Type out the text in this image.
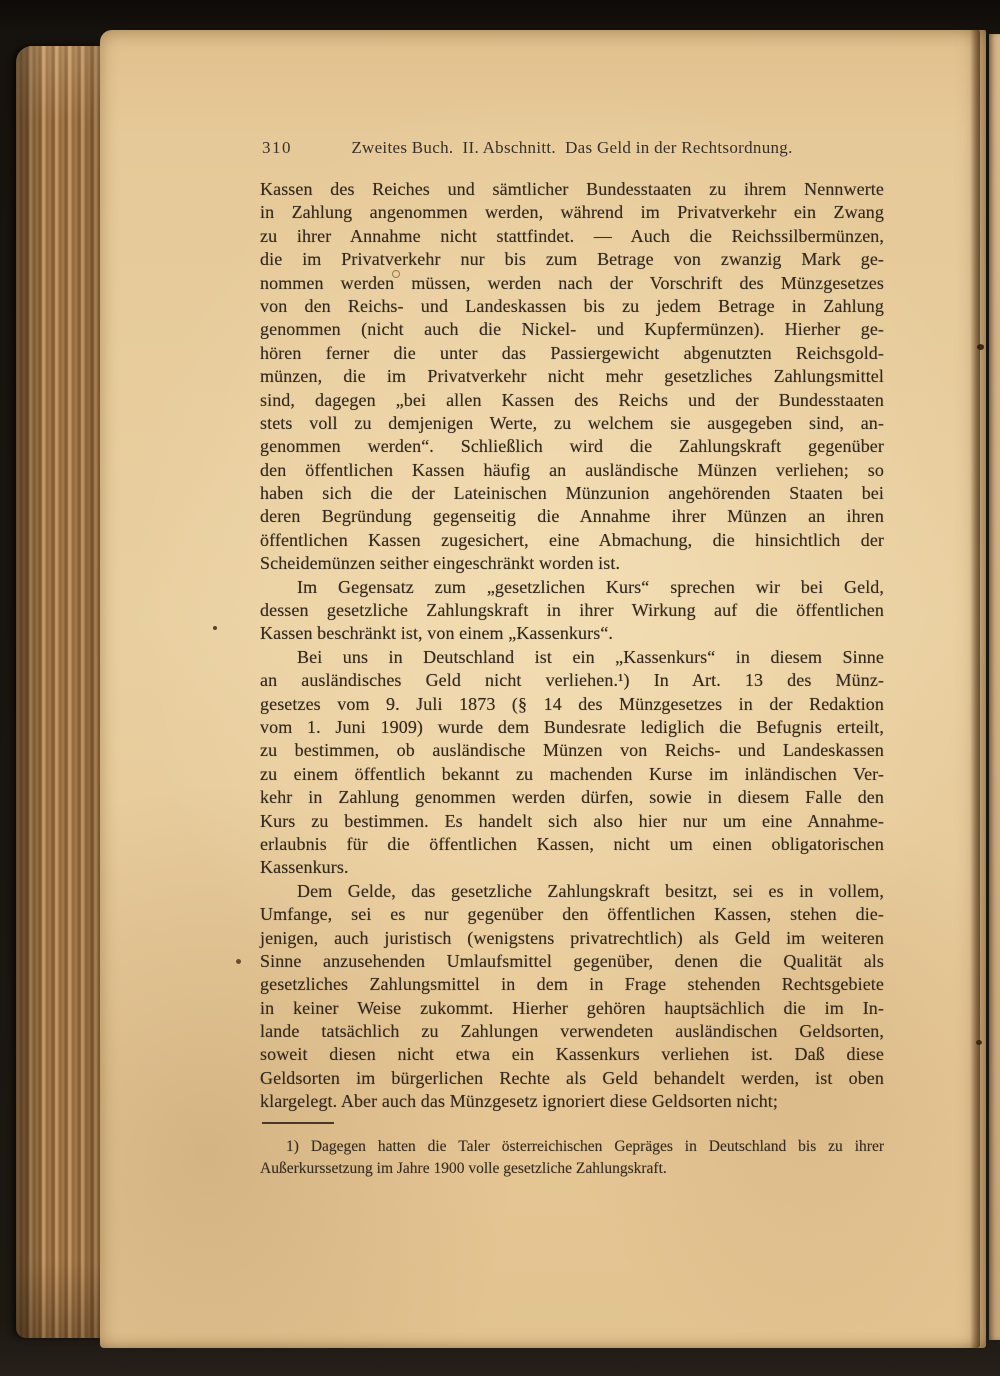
310	Zweites Buch.  II. Abschnitt.  Das Geld in der Rechtsordnung.
Kassen des Reiches und sämtlicher Bundesstaaten zu ihrem Nennwerte
in Zahlung angenommen werden, während im Privatverkehr ein Zwang
zu ihrer Annahme nicht stattfindet. — Auch die Reichssilbermünzen,
die im Privatverkehr nur bis zum Betrage von zwanzig Mark ge-
nommen werden müssen, werden nach der Vorschrift des Münzgesetzes
von den Reichs- und Landeskassen bis zu jedem Betrage in Zahlung
genommen (nicht auch die Nickel- und Kupfermünzen). Hierher ge-
hören ferner die unter das Passiergewicht abgenutzten Reichsgold-
münzen, die im Privatverkehr nicht mehr gesetzliches Zahlungsmittel
sind, dagegen „bei allen Kassen des Reichs und der Bundesstaaten
stets voll zu demjenigen Werte, zu welchem sie ausgegeben sind, an-
genommen werden“. Schließlich wird die Zahlungskraft gegenüber
den öffentlichen Kassen häufig an ausländische Münzen verliehen; so
haben sich die der Lateinischen Münzunion angehörenden Staaten bei
deren Begründung gegenseitig die Annahme ihrer Münzen an ihren
öffentlichen Kassen zugesichert, eine Abmachung, die hinsichtlich der
Scheidemünzen seither eingeschränkt worden ist.
Im Gegensatz zum „gesetzlichen Kurs“ sprechen wir bei Geld,
dessen gesetzliche Zahlungskraft in ihrer Wirkung auf die öffentlichen
Kassen beschränkt ist, von einem „Kassenkurs“.
Bei uns in Deutschland ist ein „Kassenkurs“ in diesem Sinne
an ausländisches Geld nicht verliehen.¹) In Art. 13 des Münz-
gesetzes vom 9. Juli 1873 (§ 14 des Münzgesetzes in der Redaktion
vom 1. Juni 1909) wurde dem Bundesrate lediglich die Befugnis erteilt,
zu bestimmen, ob ausländische Münzen von Reichs- und Landeskassen
zu einem öffentlich bekannt zu machenden Kurse im inländischen Ver-
kehr in Zahlung genommen werden dürfen, sowie in diesem Falle den
Kurs zu bestimmen. Es handelt sich also hier nur um eine Annahme-
erlaubnis für die öffentlichen Kassen, nicht um einen obligatorischen
Kassenkurs.
Dem Gelde, das gesetzliche Zahlungskraft besitzt, sei es in vollem,
Umfange, sei es nur gegenüber den öffentlichen Kassen, stehen die-
jenigen, auch juristisch (wenigstens privatrechtlich) als Geld im weiteren
Sinne anzusehenden Umlaufsmittel gegenüber, denen die Qualität als
gesetzliches Zahlungsmittel in dem in Frage stehenden Rechtsgebiete
in keiner Weise zukommt. Hierher gehören hauptsächlich die im In-
lande tatsächlich zu Zahlungen verwendeten ausländischen Geldsorten,
soweit diesen nicht etwa ein Kassenkurs verliehen ist. Daß diese
Geldsorten im bürgerlichen Rechte als Geld behandelt werden, ist oben
klargelegt. Aber auch das Münzgesetz ignoriert diese Geldsorten nicht;
1) Dagegen hatten die Taler österreichischen Gepräges in Deutschland bis zu ihrer
Außerkurssetzung im Jahre 1900 volle gesetzliche Zahlungskraft.
